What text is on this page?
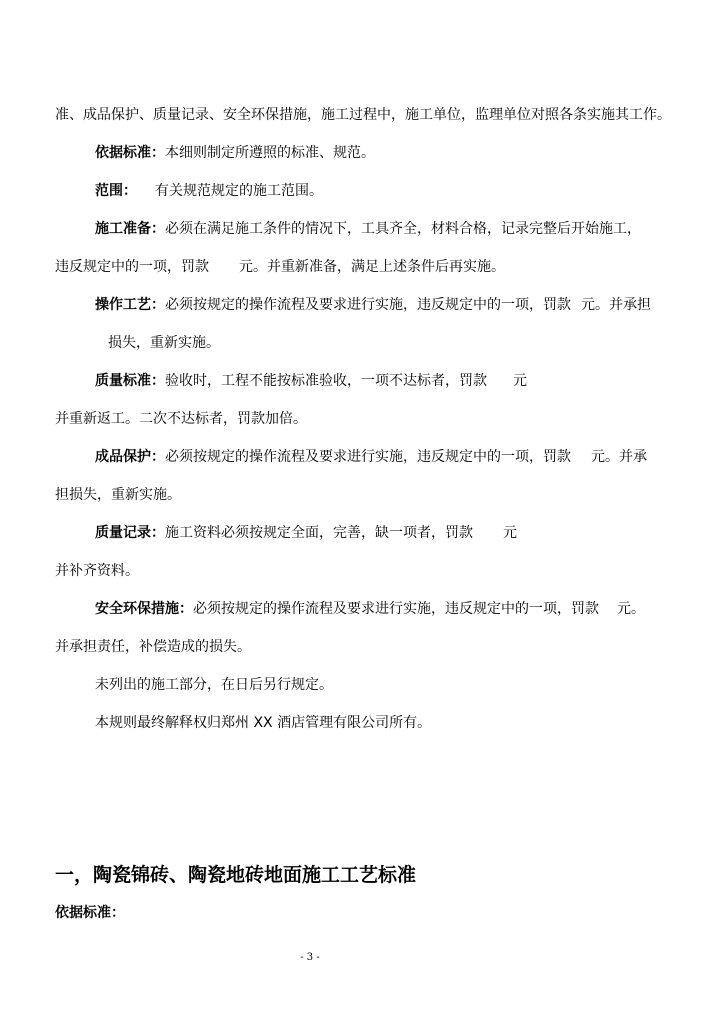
准、成品保护、质量记录、安全环保措施，施工过程中，施工单位，监理单位对照各条实施其工作。
依据标准：本细则制定所遵照的标准、规范。
范围： 有关规范规定的施工范围。
施工准备：必须在满足施工条件的情况下，工具齐全，材料合格，记录完整后开始施工，
违反规定中的一项，罚款 元。并重新准备，满足上述条件后再实施。
操作工艺：必须按规定的操作流程及要求进行实施，违反规定中的一项，罚款 元。并承担
损失，重新实施。
质量标准：验收时，工程不能按标准验收，一项不达标者，罚款 元
并重新返工。二次不达标者，罚款加倍。
成品保护：必须按规定的操作流程及要求进行实施，违反规定中的一项，罚款 元。并承
担损失，重新实施。
质量记录：施工资料必须按规定全面，完善，缺一项者，罚款 元
并补齐资料。
安全环保措施：必须按规定的操作流程及要求进行实施，违反规定中的一项，罚款 元。
并承担责任，补偿造成的损失。
未列出的施工部分，在日后另行规定。
本规则最终解释权归郑州 XX 酒店管理有限公司所有。
一，陶瓷锦砖、陶瓷地砖地面施工工艺标准
依据标准：
- 3 -
